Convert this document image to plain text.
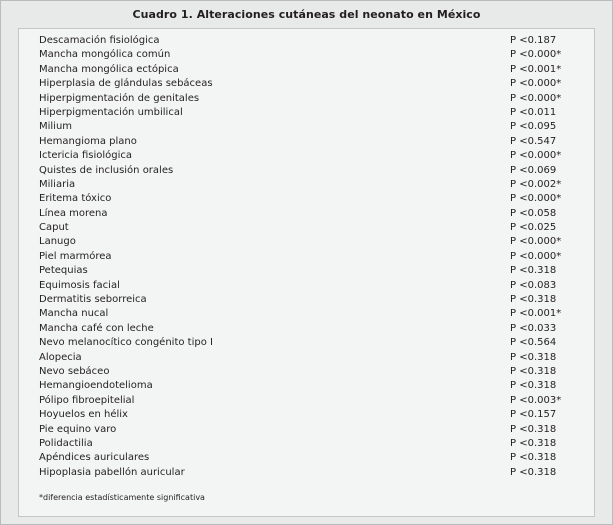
Cuadro 1. Alteraciones cutáneas del neonato en México
Descamación fisiológica	P <0.187
Mancha mongólica común	P <0.000*
Mancha mongólica ectópica	P <0.001*
Hiperplasia de glándulas sebáceas	P <0.000*
Hiperpigmentación de genitales	P <0.000*
Hiperpigmentación umbilical	P <0.011
Milium	P <0.095
Hemangioma plano	P <0.547
Ictericia fisiológica	P <0.000*
Quistes de inclusión orales	P <0.069
Miliaria	P <0.002*
Eritema tóxico	P <0.000*
Línea morena	P <0.058
Caput	P <0.025
Lanugo	P <0.000*
Piel marmórea	P <0.000*
Petequias	P <0.318
Equimosis facial	P <0.083
Dermatitis seborreica	P <0.318
Mancha nucal	P <0.001*
Mancha café con leche	P <0.033
Nevo melanocítico congénito tipo I	P <0.564
Alopecia	P <0.318
Nevo sebáceo	P <0.318
Hemangioendotelioma	P <0.318
Pólipo fibroepitelial	P <0.003*
Hoyuelos en hélix	P <0.157
Pie equino varo	P <0.318
Polidactilia	P <0.318
Apéndices auriculares	P <0.318
Hipoplasia pabellón auricular	P <0.318
*diferencia estadísticamente significativa
